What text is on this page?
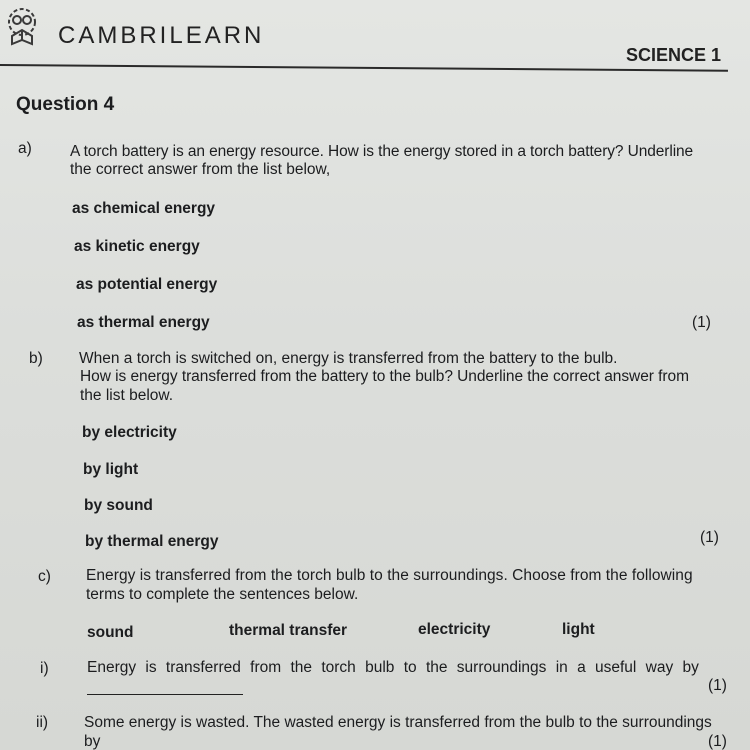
CAMBRILEARN
SCIENCE 1
Question 4
a) A torch battery is an energy resource. How is the energy stored in a torch battery? Underline
the correct answer from the list below,
as chemical energy
as kinetic energy
as potential energy
as thermal energy	(1)
b) When a torch is switched on, energy is transferred from the battery to the bulb.
How is energy transferred from the battery to the bulb? Underline the correct answer from
the list below.
by electricity
by light
by sound
by thermal energy	(1)
c) Energy is transferred from the torch bulb to the surroundings. Choose from the following
terms to complete the sentences below.
sound	thermal transfer	electricity	light
i) Energy is transferred from the torch bulb to the surroundings in a useful way by
(1)
ii) Some energy is wasted. The wasted energy is transferred from the bulb to the surroundings
by	(1)
